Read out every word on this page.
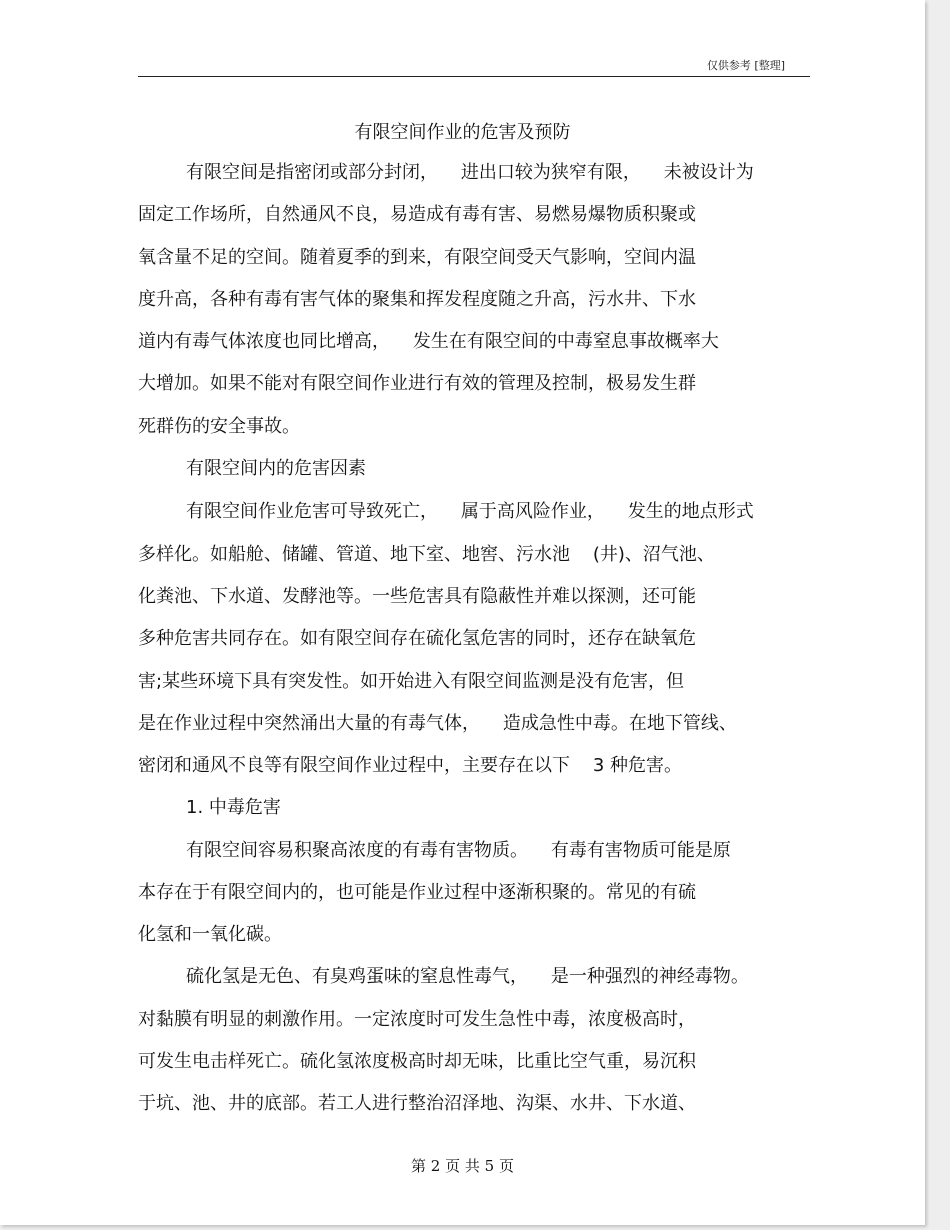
仅供参考 [整理]
有限空间作业的危害及预防
有限空间是指密闭或部分封闭，    进出口较为狭窄有限，    未被设计为
固定工作场所，自然通风不良，易造成有毒有害、易燃易爆物质积聚或
氧含量不足的空间。随着夏季的到来，有限空间受天气影响，空间内温
度升高，各种有毒有害气体的聚集和挥发程度随之升高，污水井、下水
道内有毒气体浓度也同比增高，    发生在有限空间的中毒窒息事故概率大
大增加。如果不能对有限空间作业进行有效的管理及控制，极易发生群
死群伤的安全事故。
有限空间内的危害因素
有限空间作业危害可导致死亡，    属于高风险作业，    发生的地点形式
多样化。如船舱、储罐、管道、地下室、地窖、污水池    (井)、沼气池、
化粪池、下水道、发酵池等。一些危害具有隐蔽性并难以探测，还可能
多种危害共同存在。如有限空间存在硫化氢危害的同时，还存在缺氧危
害;某些环境下具有突发性。如开始进入有限空间监测是没有危害，但
是在作业过程中突然涌出大量的有毒气体，    造成急性中毒。在地下管线、
密闭和通风不良等有限空间作业过程中，主要存在以下    3 种危害。
1. 中毒危害
有限空间容易积聚高浓度的有毒有害物质。    有毒有害物质可能是原
本存在于有限空间内的，也可能是作业过程中逐渐积聚的。常见的有硫
化氢和一氧化碳。
硫化氢是无色、有臭鸡蛋味的窒息性毒气，    是一种强烈的神经毒物。
对黏膜有明显的刺激作用。一定浓度时可发生急性中毒，浓度极高时，
可发生电击样死亡。硫化氢浓度极高时却无味，比重比空气重，易沉积
于坑、池、井的底部。若工人进行整治沼泽地、沟渠、水井、下水道、
第 2 页 共 5 页
